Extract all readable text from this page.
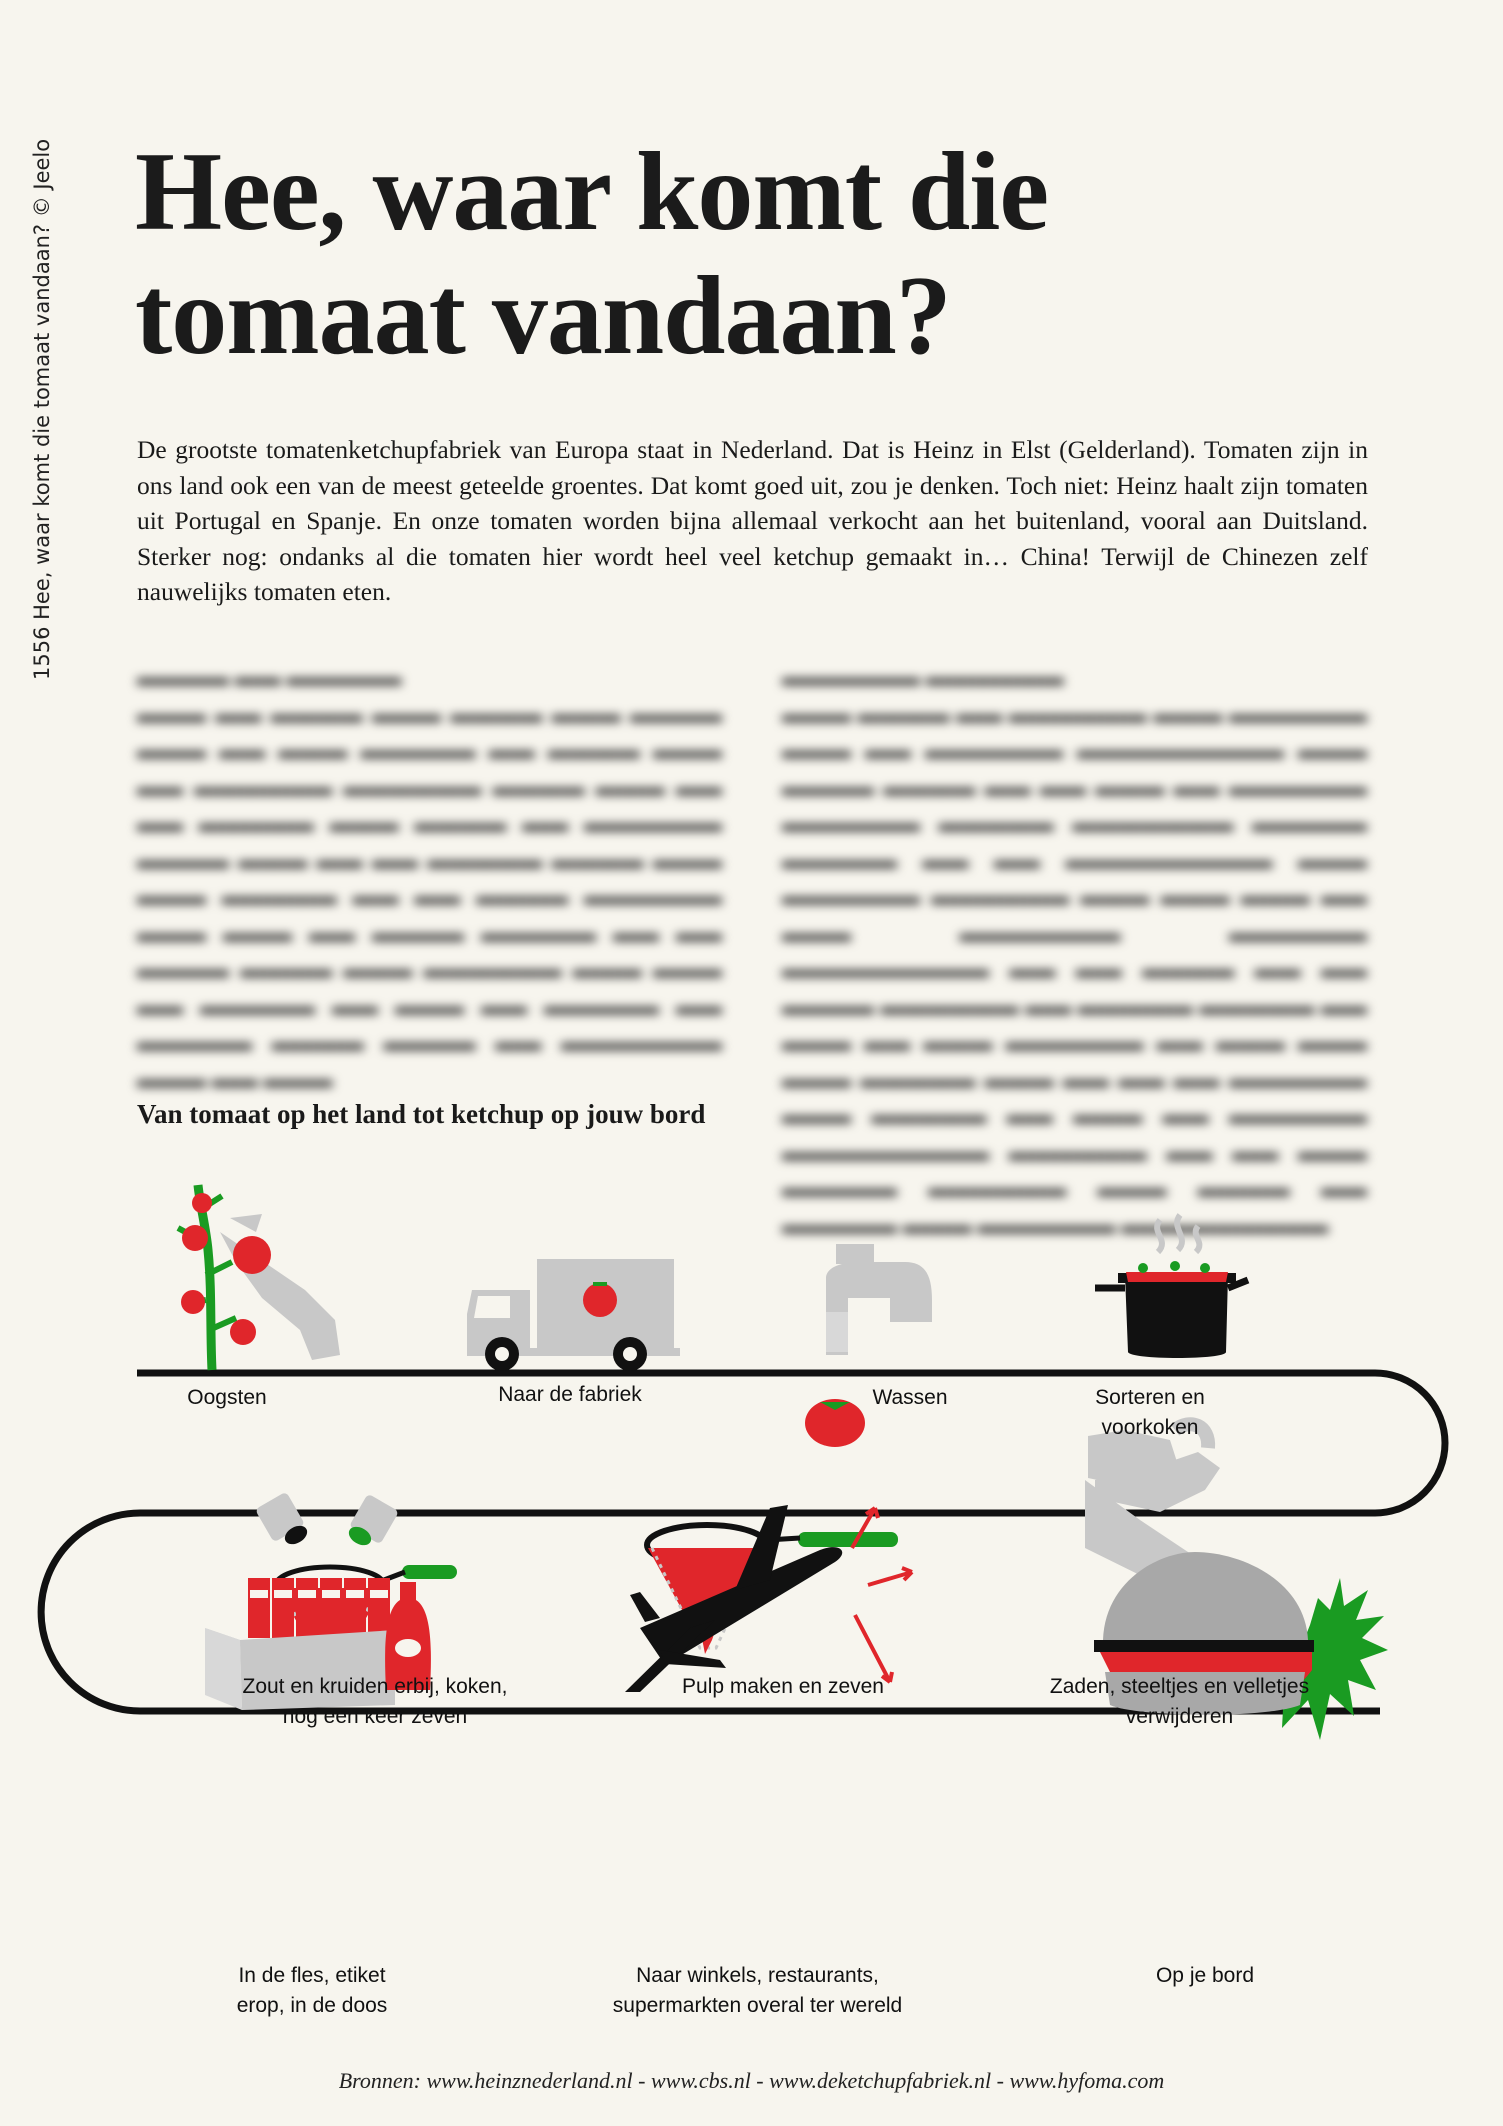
1556 Hee, waar komt die tomaat vandaan? © Jeelo Hee, waar komt die
tomaat vandaan?

De grootste tomatenketchupfabriek van Europa staat in Nederland. Dat is Heinz in Elst (Gelderland). Tomaten zijn in ons land ook een van de meest geteelde groentes. Dat komt goed uit, zou je denken. Toch niet: Heinz haalt zijn tomaten uit Portugal en Spanje. En onze tomaten worden bijna allemaal verkocht aan het buitenland, vooral aan Duitsland. Sterker nog: ondanks al die tomaten hier wordt heel veel ketchup gemaakt in… China! Terwijl de Chinezen zelf nauwelijks tomaten eten.

▬▬▬▬ ▬▬ ▬▬▬▬▬
▬▬▬ ▬▬ ▬▬▬▬ ▬▬▬ ▬▬▬▬ ▬▬▬ ▬▬▬▬ ▬▬▬ ▬▬ ▬▬▬ ▬▬▬▬▬ ▬▬ ▬▬▬▬ ▬▬▬ ▬▬ ▬▬▬▬▬▬ ▬▬▬▬▬▬ ▬▬▬▬ ▬▬▬ ▬▬ ▬▬ ▬▬▬▬▬ ▬▬▬ ▬▬▬▬ ▬▬ ▬▬▬▬▬▬ ▬▬▬▬ ▬▬▬ ▬▬ ▬▬ ▬▬▬▬▬ ▬▬▬▬ ▬▬▬ ▬▬▬ ▬▬▬▬▬ ▬▬ ▬▬ ▬▬▬▬ ▬▬▬▬▬▬ ▬▬▬ ▬▬▬ ▬▬ ▬▬▬▬ ▬▬▬▬▬ ▬▬ ▬▬ ▬▬▬▬ ▬▬▬▬ ▬▬▬ ▬▬▬▬▬▬ ▬▬▬ ▬▬▬ ▬▬ ▬▬▬▬▬ ▬▬ ▬▬▬ ▬▬ ▬▬▬▬▬ ▬▬ ▬▬▬▬▬ ▬▬▬▬ ▬▬▬▬ ▬▬ ▬▬▬▬▬▬▬ ▬▬▬ ▬▬ ▬▬▬
▬▬▬▬▬▬ ▬▬▬▬▬▬
▬▬▬ ▬▬▬▬ ▬▬ ▬▬▬▬▬▬ ▬▬▬ ▬▬▬▬▬▬ ▬▬▬ ▬▬ ▬▬▬▬▬▬ ▬▬▬▬▬▬▬▬▬ ▬▬▬ ▬▬▬▬ ▬▬▬▬ ▬▬ ▬▬ ▬▬▬ ▬▬ ▬▬▬▬▬▬ ▬▬▬▬▬▬ ▬▬▬▬▬ ▬▬▬▬▬▬▬ ▬▬▬▬▬ ▬▬▬▬▬ ▬▬ ▬▬ ▬▬▬▬▬▬▬▬▬ ▬▬▬ ▬▬▬▬▬▬ ▬▬▬▬▬▬ ▬▬▬ ▬▬▬ ▬▬▬ ▬▬ ▬▬▬ ▬▬▬▬▬▬▬ ▬▬▬▬▬▬ ▬▬▬▬▬▬▬▬▬ ▬▬ ▬▬ ▬▬▬▬ ▬▬ ▬▬ ▬▬▬▬ ▬▬▬▬▬▬ ▬▬ ▬▬▬▬▬ ▬▬▬▬▬ ▬▬ ▬▬▬ ▬▬ ▬▬▬ ▬▬▬▬▬▬ ▬▬ ▬▬▬ ▬▬▬ ▬▬▬ ▬▬▬▬▬ ▬▬▬ ▬▬ ▬▬ ▬▬ ▬▬▬▬▬▬ ▬▬▬ ▬▬▬▬▬ ▬▬ ▬▬▬ ▬▬ ▬▬▬▬▬▬ ▬▬▬▬▬▬▬▬▬ ▬▬▬▬▬▬ ▬▬ ▬▬ ▬▬▬ ▬▬▬▬▬ ▬▬▬▬▬▬ ▬▬▬ ▬▬▬▬ ▬▬ ▬▬▬▬▬ ▬▬▬ ▬▬▬▬▬▬ ▬▬▬▬▬▬▬▬▬

Van tomaat op het land tot ketchup op jouw bord

Oogsten	Naar de fabriek	Wassen	Sorteren en voorkoken
Zaden, steeltjes en velletjes verwijderen
Pulp maken en zeven
Zout en kruiden erbij, koken, nog een keer zeven
In de fles, etiket erop, in de doos
Naar winkels, restaurants, supermarkten overal ter wereld
Op je bord
Bronnen: www.heinznederland.nl - www.cbs.nl - www.deketchupfabriek.nl - www.hyfoma.com
